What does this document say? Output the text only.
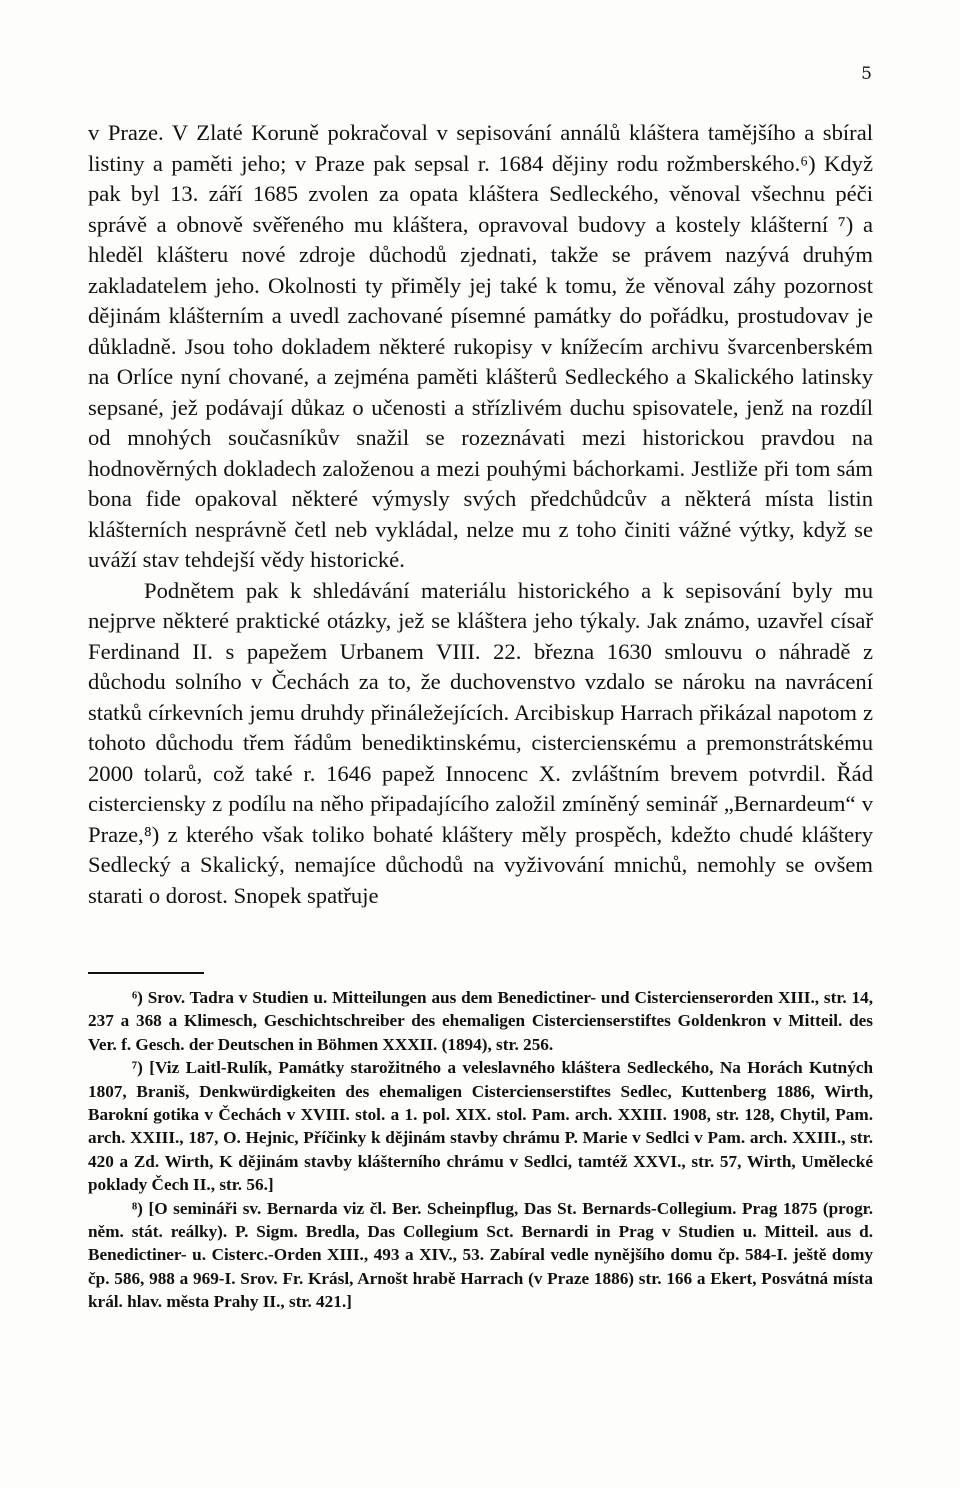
5

v Praze. V Zlaté Koruně pokračoval v sepisování annálů kláštera tamějšího a sbíral listiny a paměti jeho; v Praze pak sepsal r. 1684 dějiny rodu rožmberského.⁶) Když pak byl 13. září 1685 zvolen za opata kláštera Sedleckého, věnoval všechnu péči správě a obnově svěřeného mu kláštera, opravoval budovy a kostely klášterní ⁷) a hleděl klášteru nové zdroje důchodů zjednati, takže se právem nazývá druhým zakladatelem jeho. Okolnosti ty přiměly jej také k tomu, že věnoval záhy pozornost dějinám klášterním a uvedl zachované písemné památky do pořádku, prostudovav je důkladně. Jsou toho dokladem některé rukopisy v knížecím archivu švarcenberském na Orlíce nyní chované, a zejména paměti klášterů Sedleckého a Skalického latinsky sepsané, jež podávají důkaz o učenosti a střízlivém duchu spisovatele, jenž na rozdíl od mnohých současníkův snažil se rozeznávati mezi historickou pravdou na hodnověrných dokladech založenou a mezi pouhými báchorkami. Jestliže při tom sám bona fide opakoval některé výmysly svých předchůdcův a některá místa listin klášterních nesprávně četl neb vykládal, nelze mu z toho činiti vážné výtky, když se uváží stav tehdejší vědy historické.

Podnětem pak k shledávání materiálu historického a k sepisování byly mu nejprve některé praktické otázky, jež se kláštera jeho týkaly. Jak známo, uzavřel císař Ferdinand II. s papežem Urbanem VIII. 22. března 1630 smlouvu o náhradě z důchodu solního v Čechách za to, že duchovenstvo vzdalo se nároku na navrácení statků církevních jemu druhdy přináležejících. Arcibiskup Harrach přikázal napotom z tohoto důchodu třem řádům benediktinskému, cisterciensкému a premonstrátskému 2000 tolarů, což také r. 1646 papež Innocenc X. zvláštním brevem potvrdil. Řád cisterciensky z podílu na něho připadajícího založil zmíněný seminář „Bernardeum“ v Praze,⁸) z kterého však toliko bohaté kláštery měly prospěch, kdežto chudé kláštery Sedlecký a Skalický, nemajíce důchodů na vyživování mnichů, nemohly se ovšem starati o dorost. Snopek spatřuje

⁶) Srov. Tadra v Studien u. Mitteilungen aus dem Benedictiner- und Cistercienserorden XIII., str. 14, 237 a 368 a Klimesch, Geschichtschreiber des ehemaligen Cistercienserstiftes Goldenkron v Mitteil. des Ver. f. Gesch. der Deutschen in Böhmen XXXII. (1894), str. 256.

⁷) [Viz Laitl-Rulík, Památky starožitného a veleslavného kláštera Sedleckého, Na Horách Kutných 1807, Braniš, Denkwürdigkeiten des ehemaligen Cistercienserstiftes Sedlec, Kuttenberg 1886, Wirth, Barokní gotika v Čechách v XVIII. stol. a 1. pol. XIX. stol. Pam. arch. XXIII. 1908, str. 128, Chytil, Pam. arch. XXIII., 187, O. Hejnic, Příčinky k dějinám stavby chrámu P. Marie v Sedlci v Pam. arch. XXIII., str. 420 a Zd. Wirth, K dějinám stavby klášterního chrámu v Sedlci, tamtéž XXVI., str. 57, Wirth, Umělecké poklady Čech II., str. 56.]

⁸) [O semináři sv. Bernarda viz čl. Ber. Scheinpflug, Das St. Bernards-Collegium. Prag 1875 (progr. něm. stát. reálky). P. Sigm. Bredla, Das Collegium Sct. Bernardi in Prag v Studien u. Mitteil. aus d. Benedictiner- u. Cisterc.-Orden XIII., 493 a XIV., 53. Zabíral vedle nynějšího domu čp. 584-I. ještě domy čp. 586, 988 a 969-I. Srov. Fr. Krásl, Arnošt hrabě Harrach (v Praze 1886) str. 166 a Ekert, Posvátná místa král. hlav. města Prahy II., str. 421.]
